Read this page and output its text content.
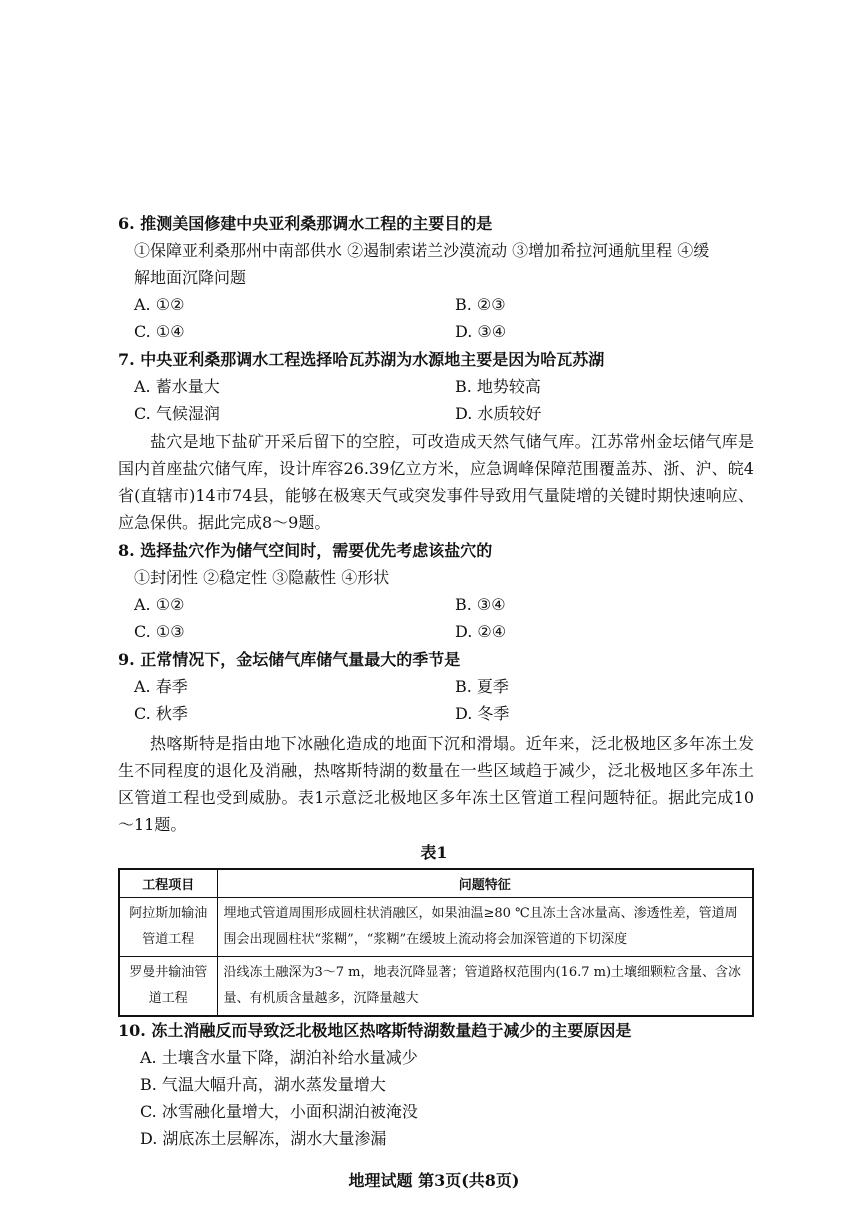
6. 推测美国修建中央亚利桑那调水工程的主要目的是
①保障亚利桑那州中南部供水 ②遏制索诺兰沙漠流动 ③增加希拉河通航里程 ④缓
解地面沉降问题
A. ①②	B. ②③
C. ①④	D. ③④
7. 中央亚利桑那调水工程选择哈瓦苏湖为水源地主要是因为哈瓦苏湖
A. 蓄水量大	B. 地势较高
C. 气候湿润	D. 水质较好
盐穴是地下盐矿开采后留下的空腔，可改造成天然气储气库。江苏常州金坛储气库是国内首座盐穴储气库，设计库容26.39亿立方米，应急调峰保障范围覆盖苏、浙、沪、皖4省(直辖市)14市74县，能够在极寒天气或突发事件导致用气量陡增的关键时期快速响应、应急保供。据此完成8～9题。
8. 选择盐穴作为储气空间时，需要优先考虑该盐穴的
①封闭性 ②稳定性 ③隐蔽性 ④形状
A. ①②	B. ③④
C. ①③	D. ②④
9. 正常情况下，金坛储气库储气量最大的季节是
A. 春季	B. 夏季
C. 秋季	D. 冬季
热喀斯特是指由地下冰融化造成的地面下沉和滑塌。近年来，泛北极地区多年冻土发生不同程度的退化及消融，热喀斯特湖的数量在一些区域趋于减少，泛北极地区多年冻土区管道工程也受到威胁。表1示意泛北极地区多年冻土区管道工程问题特征。据此完成10～11题。
表1
工程项目	问题特征
阿拉斯加输油管道工程	埋地式管道周围形成圆柱状消融区，如果油温≥80 ℃且冻土含冰量高、渗透性差，管道周围会出现圆柱状“浆糊”，“浆糊”在缓坡上流动将会加深管道的下切深度
罗曼井输油管道工程	沿线冻土融深为3～7 m，地表沉降显著；管道路权范围内(16.7 m)土壤细颗粒含量、含冰量、有机质含量越多，沉降量越大
10. 冻土消融反而导致泛北极地区热喀斯特湖数量趋于减少的主要原因是
A. 土壤含水量下降，湖泊补给水量减少
B. 气温大幅升高，湖水蒸发量增大
C. 冰雪融化量增大，小面积湖泊被淹没
D. 湖底冻土层解冻，湖水大量渗漏
地理试题 第3页(共8页)
